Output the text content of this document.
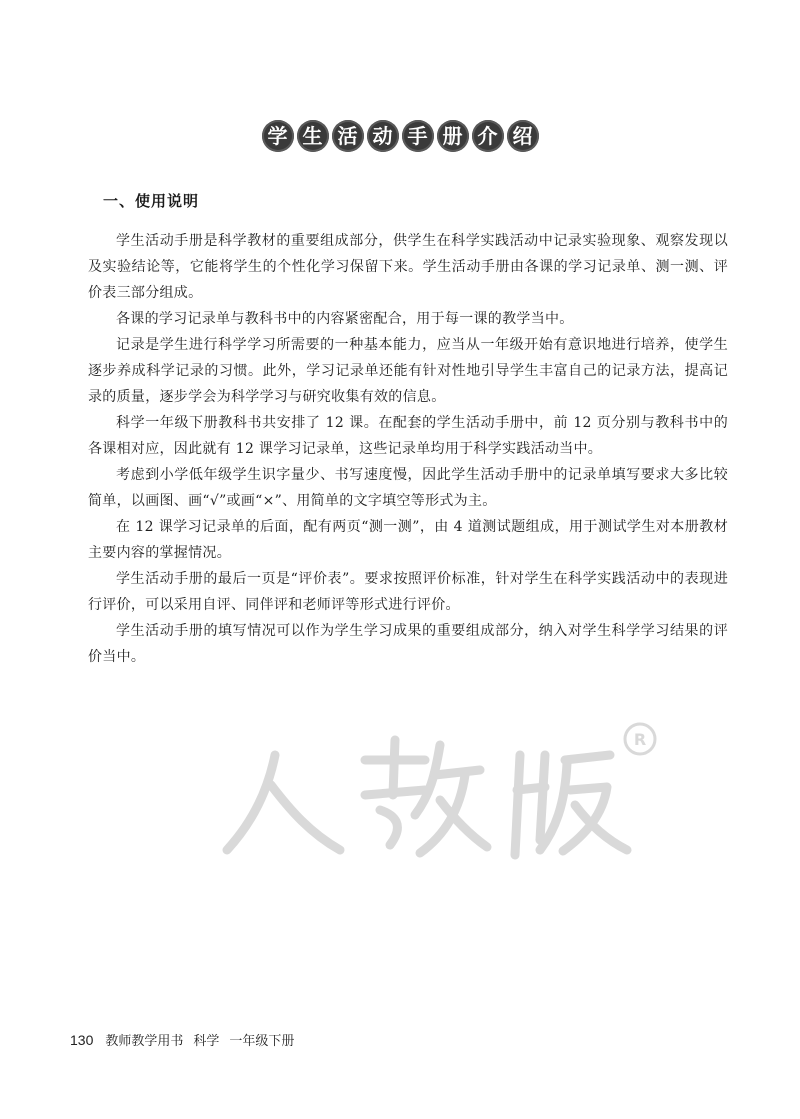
学 生 活 动 手 册 介 绍
一、使用说明

学生活动手册是科学教材的重要组成部分，供学生在科学实践活动中记录实验现象、观察发现以及实验结论等，它能将学生的个性化学习保留下来。学生活动手册由各课的学习记录单、测一测、评价表三部分组成。

各课的学习记录单与教科书中的内容紧密配合，用于每一课的教学当中。

记录是学生进行科学学习所需要的一种基本能力，应当从一年级开始有意识地进行培养，使学生逐步养成科学记录的习惯。此外，学习记录单还能有针对性地引导学生丰富自己的记录方法，提高记录的质量，逐步学会为科学学习与研究收集有效的信息。

科学一年级下册教科书共安排了 12 课。在配套的学生活动手册中，前 12 页分别与教科书中的各课相对应，因此就有 12 课学习记录单，这些记录单均用于科学实践活动当中。

考虑到小学低年级学生识字量少、书写速度慢，因此学生活动手册中的记录单填写要求大多比较简单，以画图、画“√”或画“×”、用简单的文字填空等形式为主。

在 12 课学习记录单的后面，配有两页“测一测”，由 4 道测试题组成，用于测试学生对本册教材主要内容的掌握情况。

学生活动手册的最后一页是“评价表”。要求按照评价标准，针对学生在科学实践活动中的表现进行评价，可以采用自评、同伴评和老师评等形式进行评价。

学生活动手册的填写情况可以作为学生学习成果的重要组成部分，纳入对学生科学学习结果的评价当中。

R
130 教师教学用书 科学 一年级下册
